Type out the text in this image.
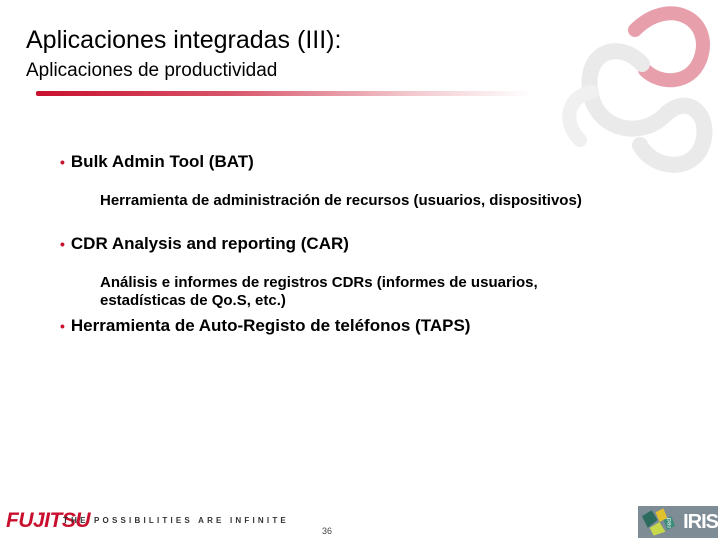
Aplicaciones integradas (III):
Aplicaciones de productividad
• Bulk Admin Tool (BAT)
Herramienta de administración de recursos (usuarios, dispositivos)
• CDR Analysis and reporting (CAR)
Análisis e informes de registros CDRs (informes de usuarios, estadísticas de Qo.S, etc.)
• Herramienta de Auto-Registo de teléfonos (TAPS)
FUJITSU
THE POSSIBILITIES ARE INFINITE
36
red IRIS
